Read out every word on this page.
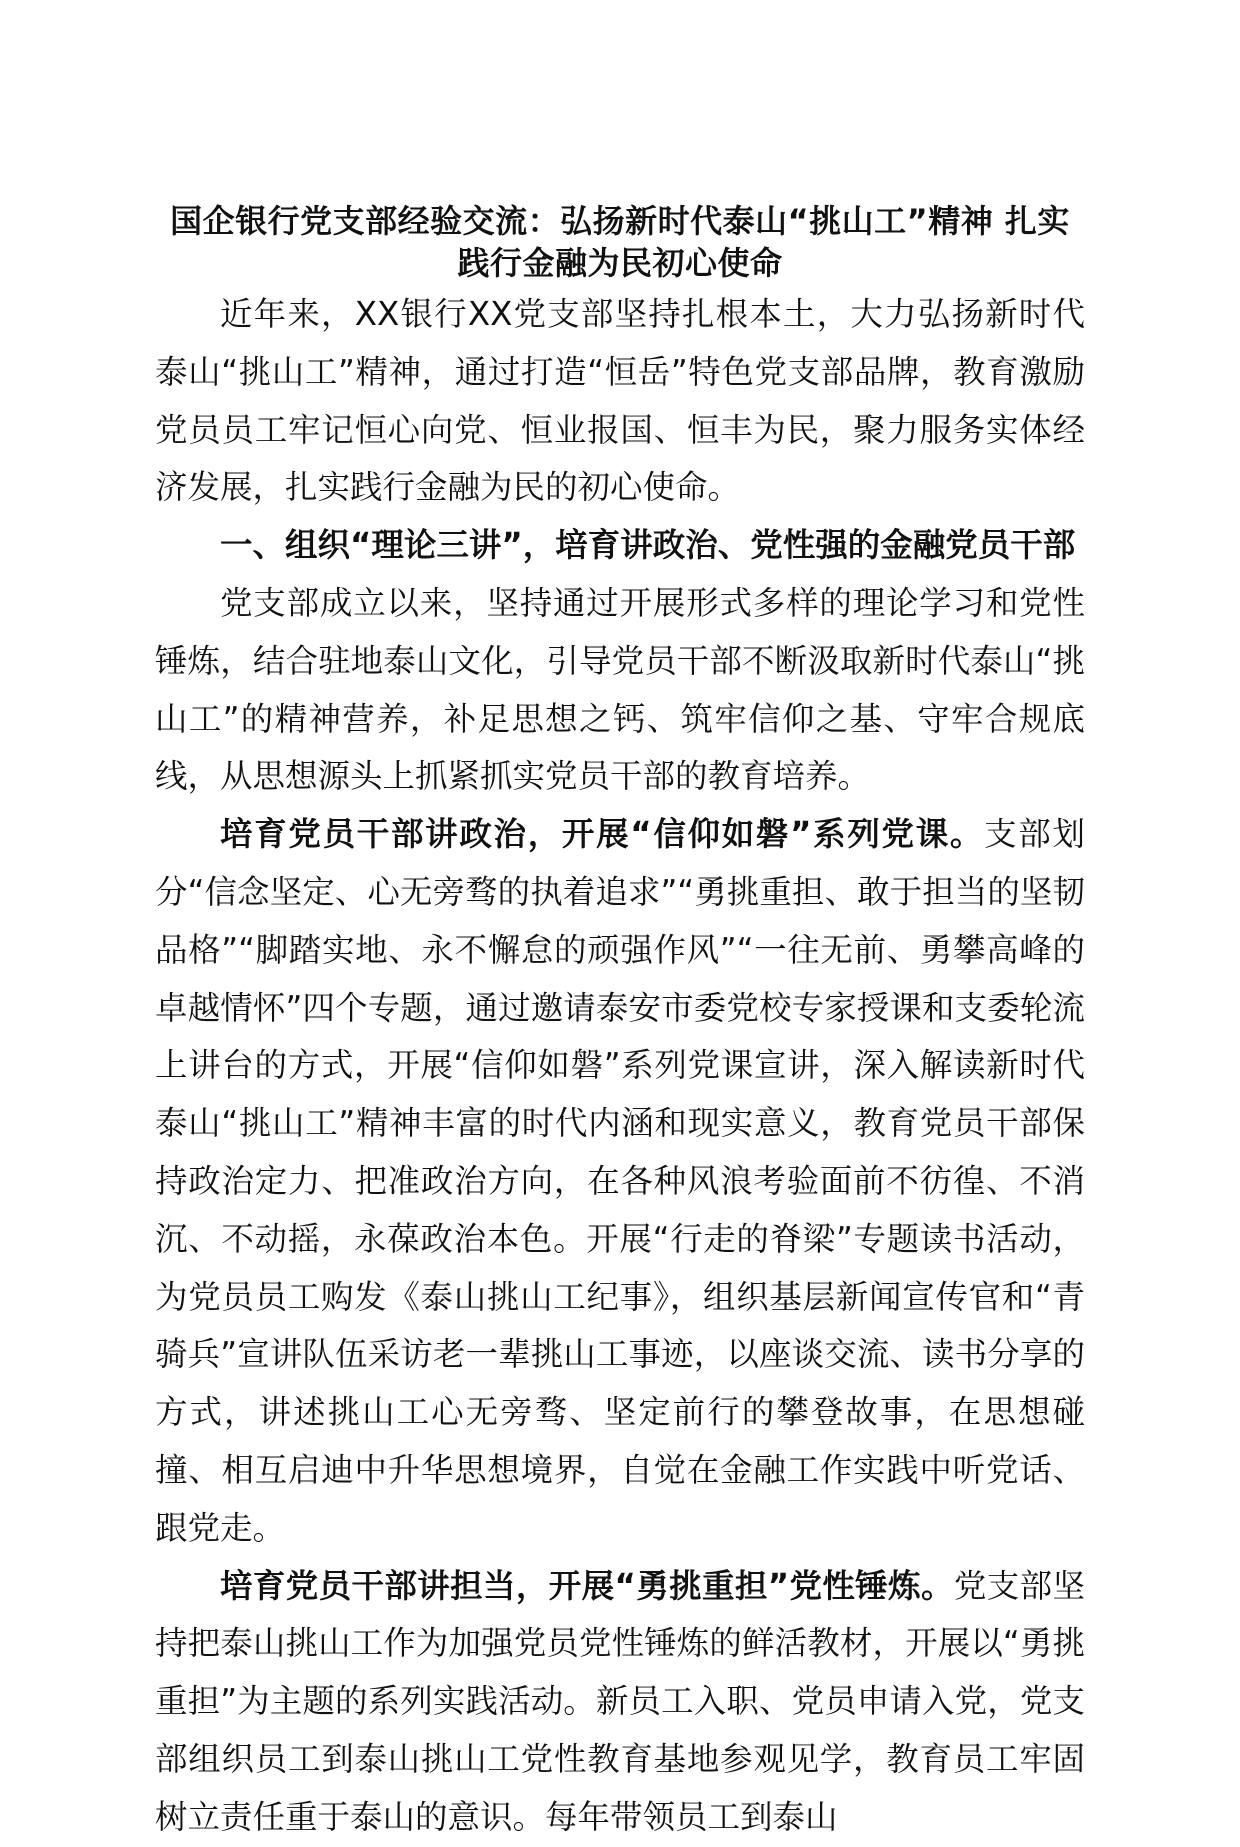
国企银行党支部经验交流：弘扬新时代泰山“挑山工”精神 扎实践行金融为民初心使命

近年来，XX银行XX党支部坚持扎根本土，大力弘扬新时代泰山“挑山工”精神，通过打造“恒岳”特色党支部品牌，教育激励党员员工牢记恒心向党、恒业报国、恒丰为民，聚力服务实体经济发展，扎实践行金融为民的初心使命。

一、组织“理论三讲”，培育讲政治、党性强的金融党员干部

党支部成立以来，坚持通过开展形式多样的理论学习和党性锤炼，结合驻地泰山文化，引导党员干部不断汲取新时代泰山“挑山工”的精神营养，补足思想之钙、筑牢信仰之基、守牢合规底线，从思想源头上抓紧抓实党员干部的教育培养。

培育党员干部讲政治，开展“信仰如磐”系列党课。支部划分“信念坚定、心无旁骛的执着追求”“勇挑重担、敢于担当的坚韧品格”“脚踏实地、永不懈怠的顽强作风”“一往无前、勇攀高峰的卓越情怀”四个专题，通过邀请泰安市委党校专家授课和支委轮流上讲台的方式，开展“信仰如磐”系列党课宣讲，深入解读新时代泰山“挑山工”精神丰富的时代内涵和现实意义，教育党员干部保持政治定力、把准政治方向，在各种风浪考验面前不彷徨、不消沉、不动摇，永葆政治本色。开展“行走的脊梁”专题读书活动，为党员员工购发《泰山挑山工纪事》，组织基层新闻宣传官和“青骑兵”宣讲队伍采访老一辈挑山工事迹，以座谈交流、读书分享的方式，讲述挑山工心无旁骛、坚定前行的攀登故事，在思想碰撞、相互启迪中升华思想境界，自觉在金融工作实践中听党话、跟党走。

培育党员干部讲担当，开展“勇挑重担”党性锤炼。党支部坚持把泰山挑山工作为加强党员党性锤炼的鲜活教材，开展以“勇挑重担”为主题的系列实践活动。新员工入职、党员申请入党，党支部组织员工到泰山挑山工党性教育基地参观见学，教育员工牢固树立责任重于泰山的意识。每年带领员工到泰山
